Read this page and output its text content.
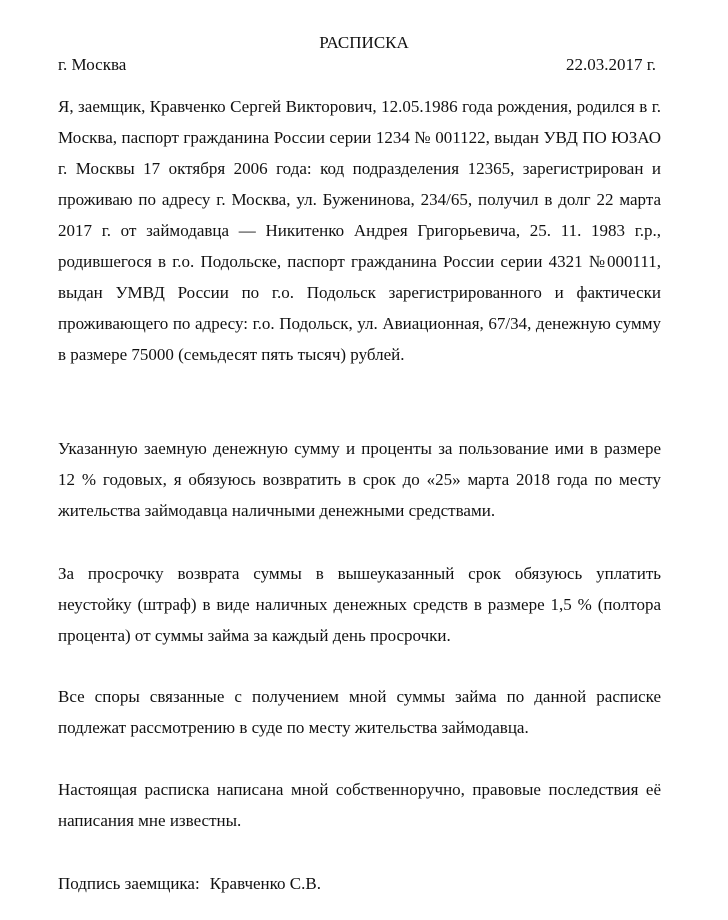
РАСПИСКА
г. Москва	22.03.2017 г.

Я, заемщик, Кравченко Сергей Викторович, 12.05.1986 года рождения, родился в г. Москва, паспорт гражданина России серии 1234 № 001122, выдан УВД ПО ЮЗАО г. Москвы 17 октября 2006 года: код подразделения 12365, зарегистрирован и проживаю по адресу г. Москва, ул. Буженинова, 234/65, получил в долг 22 марта 2017 г. от займодавца — Никитенко Андрея Григорьевича, 25. 11. 1983 г.р., родившегося в г.о. Подольске, паспорт гражданина России серии 4321 №000111, выдан УМВД России по г.о. Подольск зарегистрированного и фактически проживающего по адресу: г.о. Подольск, ул. Авиационная, 67/34, денежную сумму в размере 75000 (семьдесят пять тысяч) рублей.

Указанную заемную денежную сумму и проценты за пользование ими в размере 12 % годовых, я обязуюсь возвратить в срок до «25» марта 2018 года по месту жительства займодавца наличными денежными средствами.

За просрочку возврата суммы в вышеуказанный срок обязуюсь уплатить неустойку (штраф) в виде наличных денежных средств в размере 1,5 % (полтора процента) от суммы займа за каждый день просрочки.

Все споры связанные с получением мной суммы займа по данной расписке подлежат рассмотрению в суде по месту жительства займодавца.

Настоящая расписка написана мной собственноручно, правовые последствия её написания мне известны.

Подпись заемщика: Кравченко С.В.
